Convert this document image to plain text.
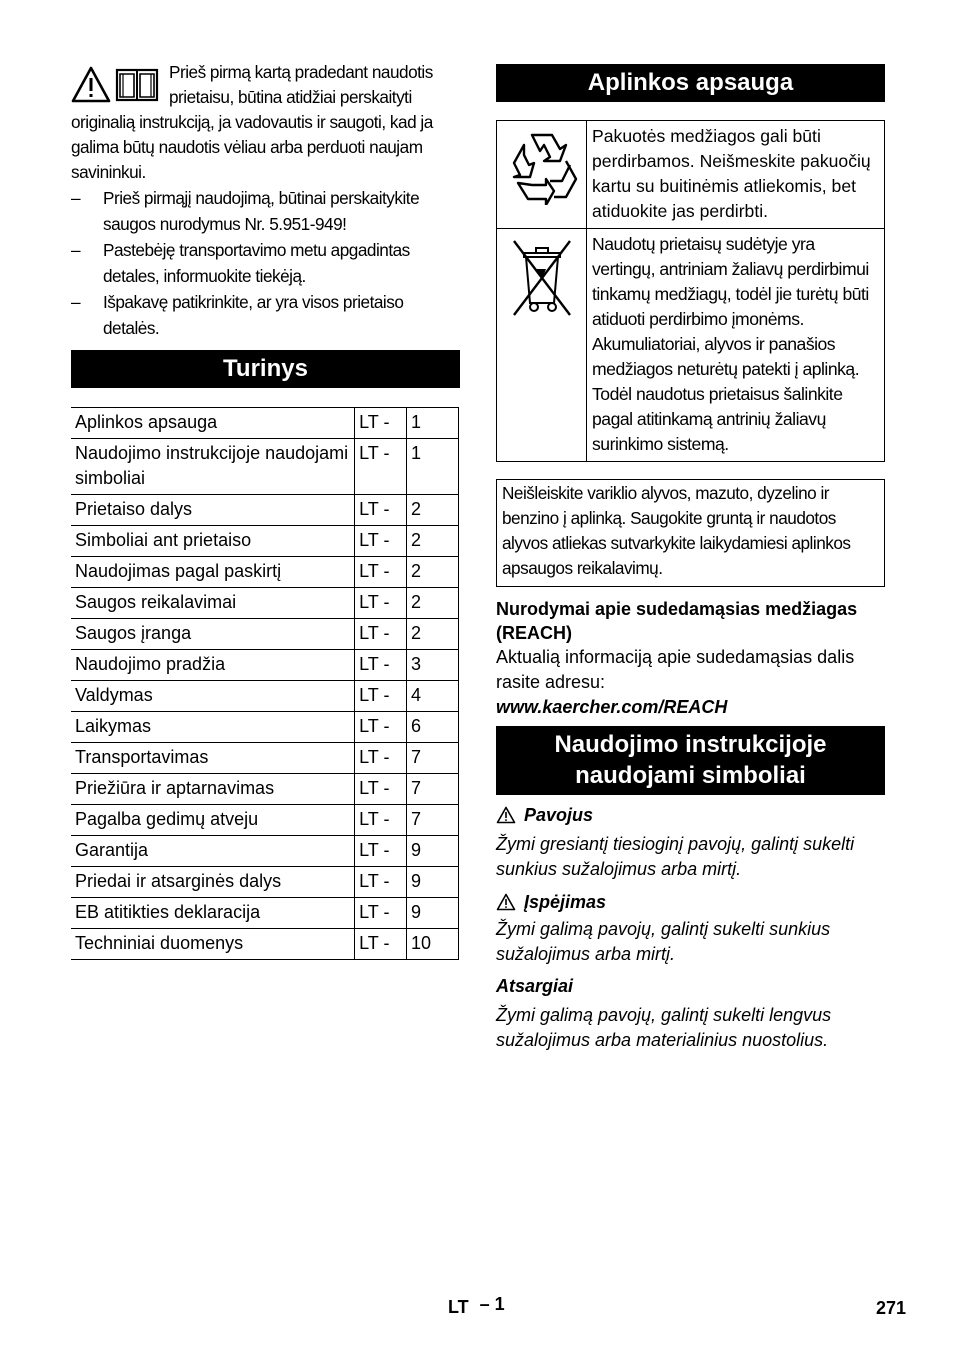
Prieš pirmą kartą pradedant naudotis prietaisu, būtina atidžiai perskaityti originalią instrukciją, ja vadovautis ir saugoti, kad ja galima būtų naudotis vėliau arba perduoti naujam savininkui.

– Prieš pirmąjį naudojimą, būtinai perskaitykite saugos nurodymus Nr. 5.951-949!
– Pastebėję transportavimo metu apgadintas detales, informuokite tiekėją.
– Išpakavę patikrinkite, ar yra visos prietaiso detalės.
Turinys
Aplinkos apsauga	LT -	1
Naudojimo instrukcijoje naudojami simboliai	LT -	1
Prietaiso dalys	LT -	2
Simboliai ant prietaiso	LT -	2
Naudojimas pagal paskirtį	LT -	2
Saugos reikalavimai	LT -	2
Saugos įranga	LT -	2
Naudojimo pradžia	LT -	3
Valdymas	LT -	4
Laikymas	LT -	6
Transportavimas	LT -	7
Priežiūra ir aptarnavimas	LT -	7
Pagalba gedimų atveju	LT -	7
Garantija	LT -	9
Priedai ir atsarginės dalys	LT -	9
EB atitikties deklaracija	LT -	9
Techniniai duomenys	LT -	10
Aplinkos apsauga
	Pakuotės medžiagos gali būti perdirbamos. Neišmeskite pakuočių kartu su buitinėmis atliekomis, bet atiduokite jas perdirbti.
	Naudotų prietaisų sudėtyje yra vertingų, antriniam žaliavų perdirbimui tinkamų medžiagų, todėl jie turėtų būti atiduoti perdirbimo įmonėms. Akumuliatoriai, alyvos ir panašios medžiagos neturėtų patekti į aplinką. Todėl naudotus prietaisus šalinkite pagal atitinkamą antrinių žaliavų surinkimo sistemą.
Neišleiskite variklio alyvos, mazuto, dyzelino ir benzino į aplinką. Saugokite gruntą ir naudotos alyvos atliekas sutvarkykite laikydamiesi aplinkos apsaugos reikalavimų.
Nurodymai apie sudedamąsias medžiagas (REACH)
Aktualią informaciją apie sudedamąsias dalis rasite adresu:
www.kaercher.com/REACH
Naudojimo instrukcijoje naudojami simboliai
Pavojus
Žymi gresiantį tiesioginį pavojų, galintį sukelti sunkius sužalojimus arba mirtį.
Įspėjimas
Žymi galimą pavojų, galintį sukelti sunkius sužalojimus arba mirtį.
Atsargiai
Žymi galimą pavojų, galintį sukelti lengvus sužalojimus arba materialinius nuostolius.
LT – 1	271
